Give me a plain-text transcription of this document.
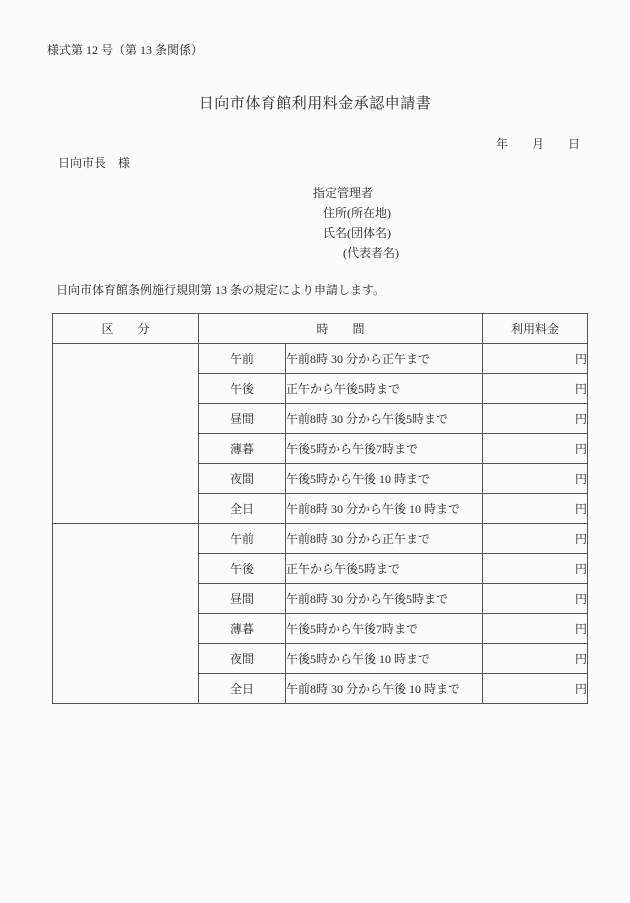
様式第 12 号（第 13 条関係）
日向市体育館利用料金承認申請書
年　　月　　日
日向市長　様
指定管理者
住所(所在地)
氏名(団体名)
(代表者名)
日向市体育館条例施行規則第 13 条の規定により申請します。
区　　分	時　　間		利用料金
	午前	午前8時 30 分から正午まで	円
	午後	正午から午後5時まで	円
	昼間	午前8時 30 分から午後5時まで	円
	薄暮	午後5時から午後7時まで	円
	夜間	午後5時から午後 10 時まで	円
	全日	午前8時 30 分から午後 10 時まで	円
	午前	午前8時 30 分から正午まで	円
	午後	正午から午後5時まで	円
	昼間	午前8時 30 分から午後5時まで	円
	薄暮	午後5時から午後7時まで	円
	夜間	午後5時から午後 10 時まで	円
	全日	午前8時 30 分から午後 10 時まで	円
